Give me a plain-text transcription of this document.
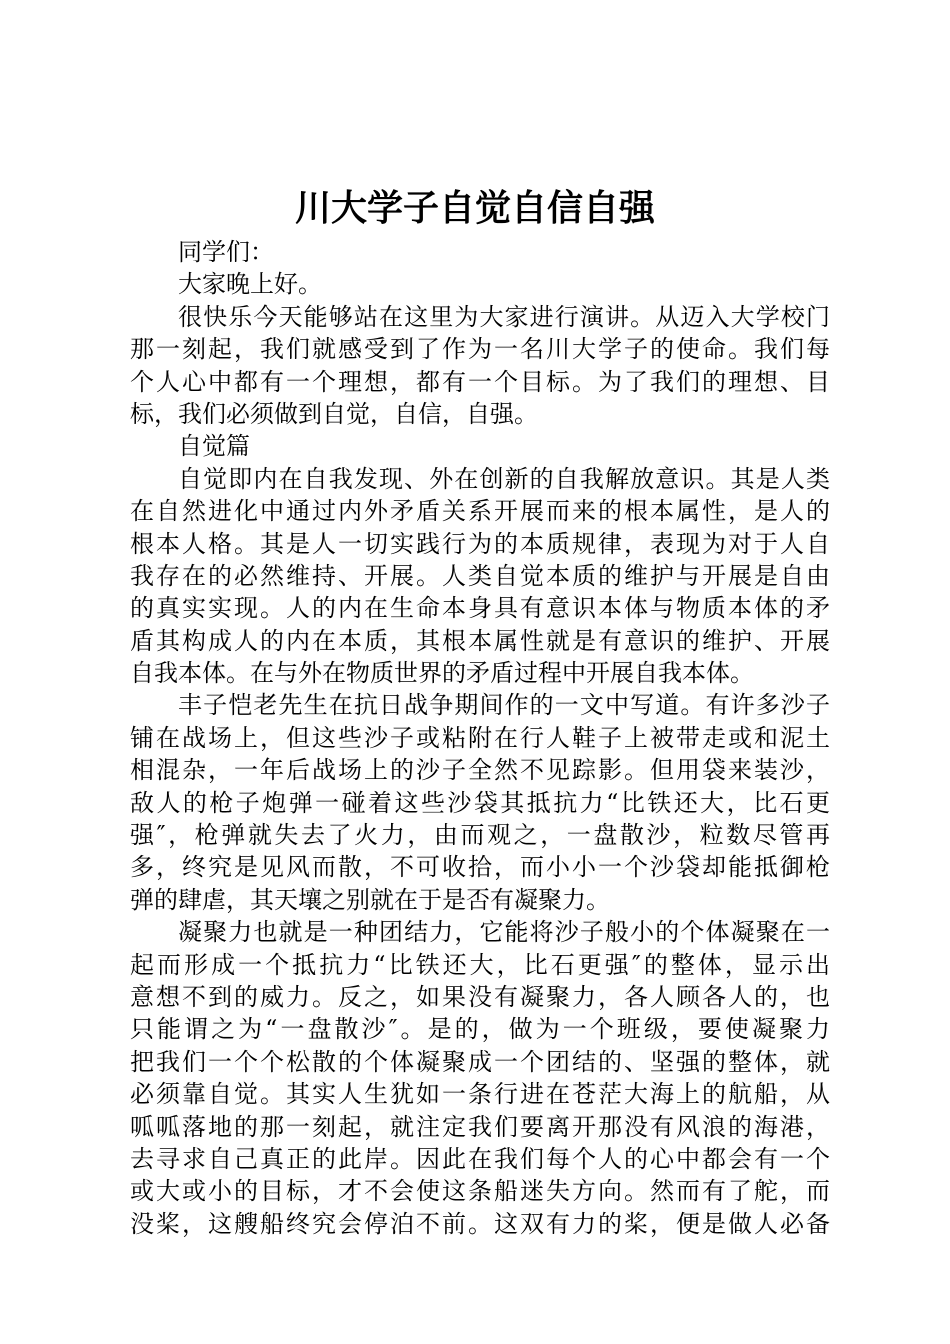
川大学子自觉自信自强
同学们：
大家晚上好。
很快乐今天能够站在这里为大家进行演讲。从迈入大学校门
那一刻起，我们就感受到了作为一名川大学子的使命。我们每
个人心中都有一个理想，都有一个目标。为了我们的理想、目
标，我们必须做到自觉，自信，自强。
自觉篇
自觉即内在自我发现、外在创新的自我解放意识。其是人类
在自然进化中通过内外矛盾关系开展而来的根本属性，是人的
根本人格。其是人一切实践行为的本质规律，表现为对于人自
我存在的必然维持、开展。人类自觉本质的维护与开展是自由
的真实实现。人的内在生命本身具有意识本体与物质本体的矛
盾其构成人的内在本质，其根本属性就是有意识的维护、开展
自我本体。在与外在物质世界的矛盾过程中开展自我本体。
丰子恺老先生在抗日战争期间作的一文中写道。有许多沙子
铺在战场上，但这些沙子或粘附在行人鞋子上被带走或和泥土
相混杂，一年后战场上的沙子全然不见踪影。但用袋来装沙，
敌人的枪子炮弹一碰着这些沙袋其抵抗力“比铁还大，比石更
强″，枪弹就失去了火力，由而观之，一盘散沙，粒数尽管再
多，终究是见风而散，不可收拾，而小小一个沙袋却能抵御枪
弹的肆虐，其天壤之别就在于是否有凝聚力。
凝聚力也就是一种团结力，它能将沙子般小的个体凝聚在一
起而形成一个抵抗力“比铁还大，比石更强″的整体，显示出
意想不到的威力。反之，如果没有凝聚力，各人顾各人的，也
只能谓之为“一盘散沙″。是的，做为一个班级，要使凝聚力
把我们一个个松散的个体凝聚成一个团结的、坚强的整体，就
必须靠自觉。其实人生犹如一条行进在苍茫大海上的航船，从
呱呱落地的那一刻起，就注定我们要离开那没有风浪的海港，
去寻求自己真正的此岸。因此在我们每个人的心中都会有一个
或大或小的目标，才不会使这条船迷失方向。然而有了舵，而
没桨，这艘船终究会停泊不前。这双有力的桨，便是做人必备
